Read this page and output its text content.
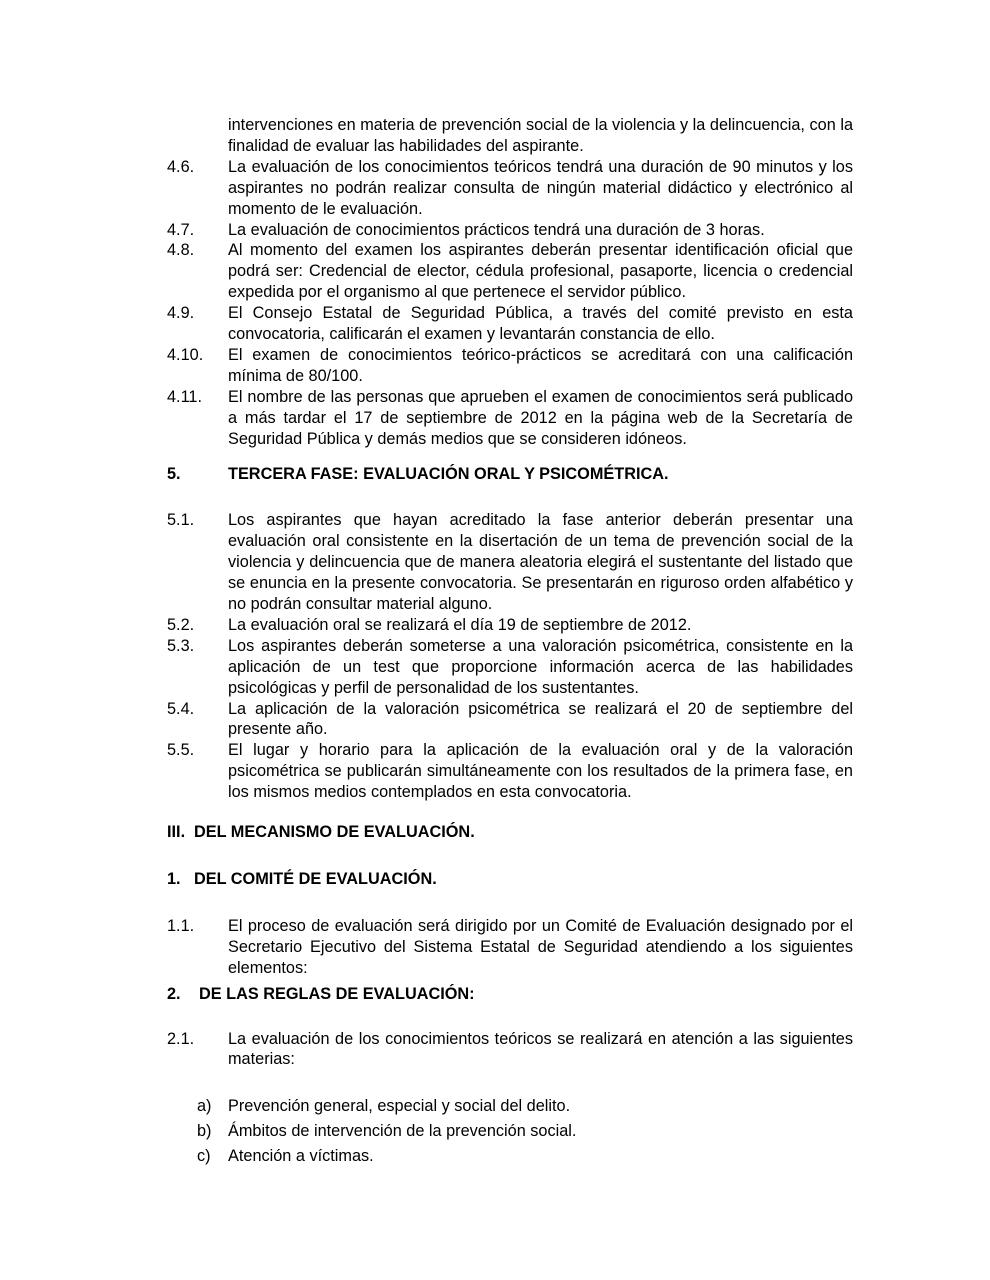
intervenciones en materia de prevención social de la violencia y la delincuencia, con la finalidad de evaluar las habilidades del aspirante.
4.6.	La evaluación de los conocimientos teóricos tendrá una duración de 90 minutos y los aspirantes no podrán realizar consulta de ningún material didáctico y electrónico al momento de le evaluación.
4.7.	La evaluación de conocimientos prácticos tendrá una duración de 3 horas.
4.8.	Al momento del examen los aspirantes deberán presentar identificación oficial que podrá ser: Credencial de elector, cédula profesional, pasaporte, licencia o credencial expedida por el organismo al que pertenece el servidor público.
4.9.	El Consejo Estatal de Seguridad Pública, a través del comité previsto en esta convocatoria, calificarán el examen y levantarán constancia de ello.
4.10.	El examen de conocimientos teórico-prácticos se acreditará con una calificación mínima de 80/100.
4.11.	El nombre de las personas que aprueben el examen de conocimientos será publicado a más tardar el 17 de septiembre de 2012 en la página web de la Secretaría de Seguridad Pública y demás medios que se consideren idóneos.
5.	TERCERA FASE: EVALUACIÓN ORAL Y PSICOMÉTRICA.
5.1.	Los aspirantes que hayan acreditado la fase anterior deberán presentar una evaluación oral consistente en la disertación de un tema de prevención social de la violencia y delincuencia que de manera aleatoria elegirá el sustentante del listado que se enuncia en la presente convocatoria. Se presentarán en riguroso orden alfabético y no podrán consultar material alguno.
5.2.	La evaluación oral se realizará el día 19 de septiembre de 2012.
5.3.	Los aspirantes deberán someterse a una valoración psicométrica, consistente en la aplicación de un test que proporcione información acerca de las habilidades psicológicas y perfil de personalidad de los sustentantes.
5.4.	La aplicación de la valoración psicométrica se realizará el 20 de septiembre del presente año.
5.5.	El lugar y horario para la aplicación de la evaluación oral y de la valoración psicométrica se publicarán simultáneamente con los resultados de la primera fase, en los mismos medios contemplados en esta convocatoria.
III. DEL MECANISMO DE EVALUACIÓN.
1. DEL COMITÉ DE EVALUACIÓN.
1.1.	El proceso de evaluación será dirigido por un Comité de Evaluación designado por el Secretario Ejecutivo del Sistema Estatal de Seguridad atendiendo a los siguientes elementos:
2.	DE LAS REGLAS DE EVALUACIÓN:
2.1.	La evaluación de los conocimientos teóricos se realizará en atención a las siguientes materias:
a)	Prevención general, especial y social del delito.
b)	Ámbitos de intervención de la prevención social.
c)	Atención a víctimas.
